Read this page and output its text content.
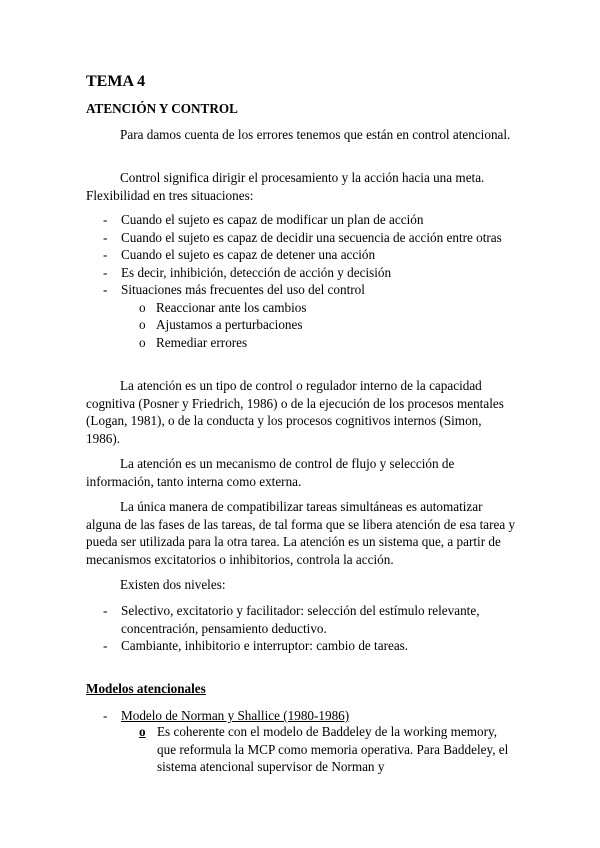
TEMA 4
ATENCIÓN Y CONTROL

Para damos cuenta de los errores tenemos que están en control atencional.

Control significa dirigir el procesamiento y la acción hacia una meta. Flexibilidad en tres situaciones:

- Cuando el sujeto es capaz de modificar un plan de acción
- Cuando el sujeto es capaz de decidir una secuencia de acción entre otras
- Cuando el sujeto es capaz de detener una acción
- Es decir, inhibición, detección de acción y decisión
- Situaciones más frecuentes del uso del control
o Reaccionar ante los cambios
o Ajustamos a perturbaciones
o Remediar errores

La atención es un tipo de control o regulador interno de la capacidad cognitiva (Posner y Friedrich, 1986) o de la ejecución de los procesos mentales (Logan, 1981), o de la conducta y los procesos cognitivos internos (Simon, 1986).

La atención es un mecanismo de control de flujo y selección de información, tanto interna como externa.

La única manera de compatibilizar tareas simultáneas es automatizar alguna de las fases de las tareas, de tal forma que se libera atención de esa tarea y pueda ser utilizada para la otra tarea. La atención es un sistema que, a partir de mecanismos excitatorios o inhibitorios, controla la acción.

Existen dos niveles:

- Selectivo, excitatorio y facilitador: selección del estímulo relevante, concentración, pensamiento deductivo.
- Cambiante, inhibitorio e interruptor: cambio de tareas.
Modelos atencionales
- Modelo de Norman y Shallice (1980-1986)
o Es coherente con el modelo de Baddeley de la working memory, que reformula la MCP como memoria operativa. Para Baddeley, el sistema atencional supervisor de Norman y
